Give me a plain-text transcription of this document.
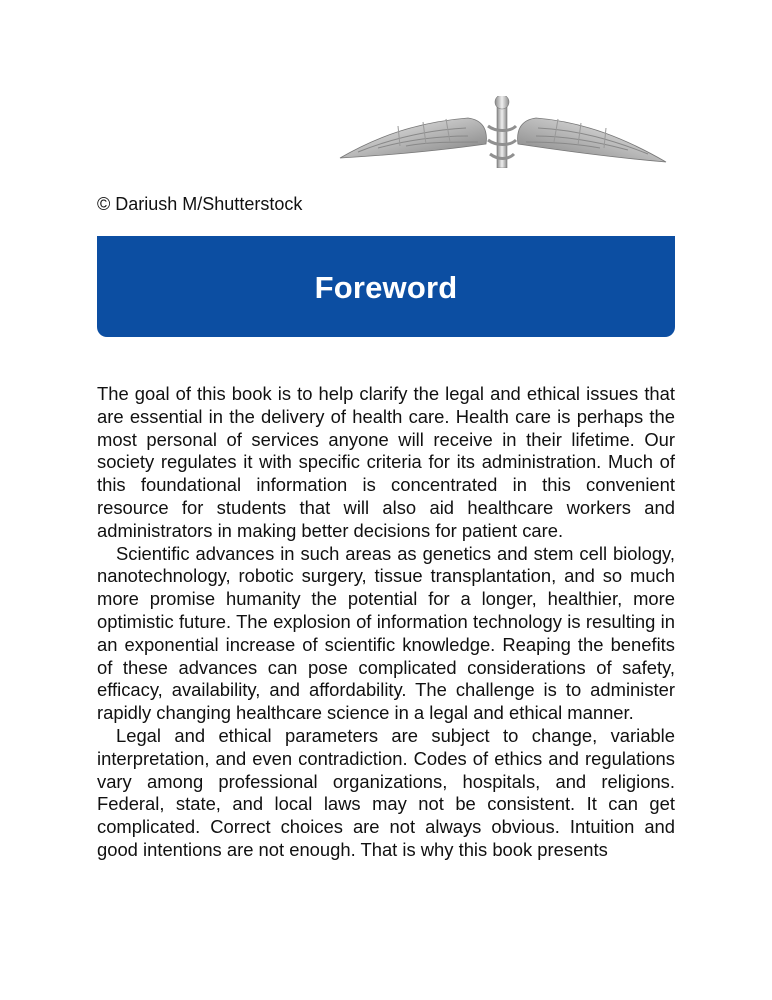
© Dariush M/Shutterstock
Foreword

The goal of this book is to help clarify the legal and ethical issues that are essential in the delivery of health care. Health care is perhaps the most personal of services anyone will receive in their lifetime. Our society regulates it with specific criteria for its administration. Much of this foundational information is concentrated in this convenient resource for students that will also aid healthcare workers and administrators in making better decisions for patient care.

Scientific advances in such areas as genetics and stem cell biology, nanotechnology, robotic surgery, tissue transplantation, and so much more promise humanity the potential for a longer, healthier, more optimistic future. The explosion of information technology is resulting in an exponential increase of scientific knowledge. Reaping the benefits of these advances can pose complicated considerations of safety, efficacy, availability, and affordability. The challenge is to administer rapidly changing healthcare science in a legal and ethical manner.

Legal and ethical parameters are subject to change, variable interpretation, and even contradiction. Codes of ethics and regulations vary among professional organizations, hospitals, and religions. Federal, state, and local laws may not be consistent. It can get complicated. Correct choices are not always obvious. Intuition and good intentions are not enough. That is why this book presents
